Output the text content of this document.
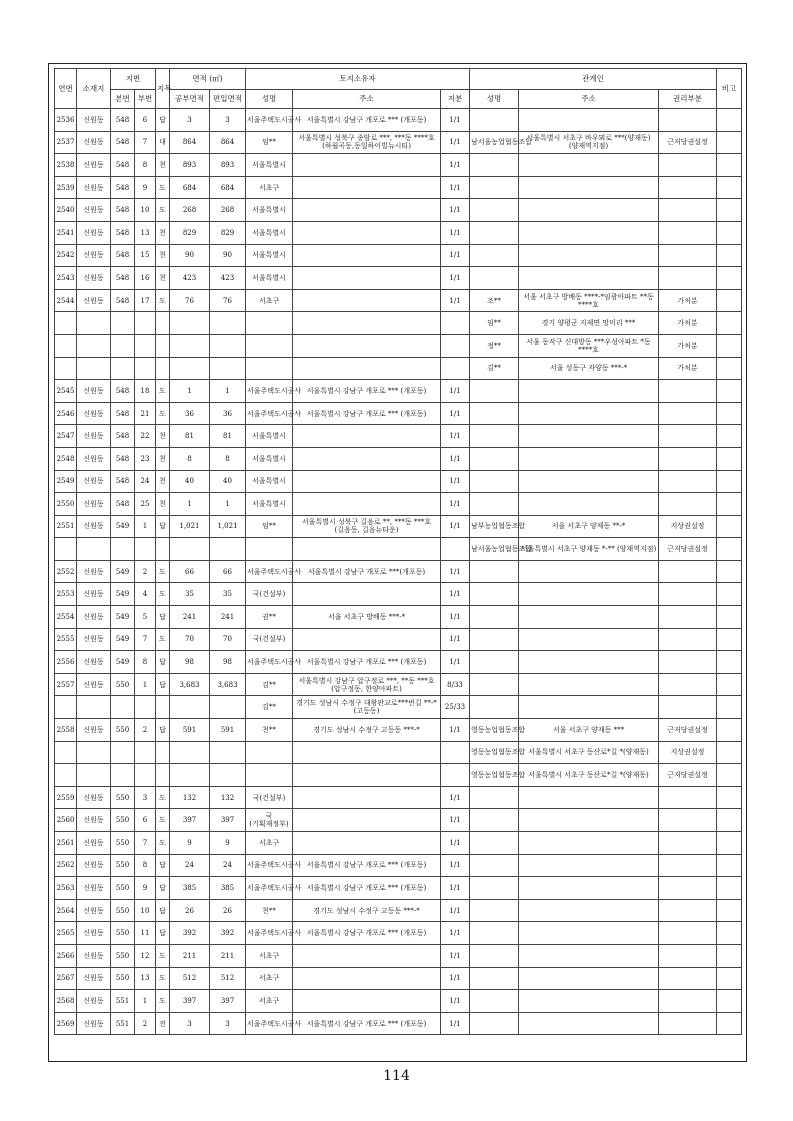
연번	소재지	지번		지목	면적 (㎡)		토지소유자			관계인			비고
		본번	부번		공부면적	편입면적	성명	주소	지분	성명	주소	권리부분	
2536	신원동	548	6	답	3	3	서울주택도시공사	서울특별시 강남구 개포로 *** (개포동)	1/1				
2537	신원동	548	7	대	864	864	임**	서울특별시 성북구 종암로 ***, ***동 ****호(하월곡동,동일하이빌뉴시티)	1/1	남서울농업협동조합	서울특별시 서초구 바우뫼로 ***(양재동)(양재역지점)	근저당권설정	
2538	신원동	548	8	천	893	893	서울특별시		1/1				
2539	신원동	548	9	도	684	684	서초구		1/1				
2540	신원동	548	10	도	268	268	서울특별시		1/1				
2541	신원동	548	13	천	829	829	서울특별시		1/1				
2542	신원동	548	15	천	90	90	서울특별시		1/1				
2543	신원동	548	16	천	423	423	서울특별시		1/1				
2544	신원동	548	17	도	76	76	서초구		1/1	조**	서울 서초구 방배동 ****-*임광아파트 **동 ****호	가처분	
										임**	경기 양평군 지제면 망미리 ***	가처분	
										정**	서울 동작구 신대방동 ***우성아파트 *동 ****호	가처분	
										김**	서울 성동구 자양동 ***-*	가처분	
2545	신원동	548	18	도	1	1	서울주택도시공사	서울특별시 강남구 개포로 *** (개포동)	1/1				
2546	신원동	548	21	도	36	36	서울주택도시공사	서울특별시 강남구 개포로 *** (개포동)	1/1				
2547	신원동	548	22	천	81	81	서울특별시		1/1				
2548	신원동	548	23	천	8	8	서울특별시		1/1				
2549	신원동	548	24	천	40	40	서울특별시		1/1				
2550	신원동	548	25	천	1	1	서울특별시		1/1				
2551	신원동	549	1	답	1,021	1,021	임**	서울특별시 성북구 길음로 **, ***동 ***호(길음동, 길음뉴타운)	1/1	남부농업협동조합	서울 서초구 양재동 **-*	지상권설정	
										남서울농업협동조합	서울특별시 서초구 양재동 *-** (양재역지점)	근저당권설정	
2552	신원동	549	2	도	66	66	서울주택도시공사	서울특별시 강남구 개포로 ***(개포동)	1/1				
2553	신원동	549	4	도	35	35	국(건설부)		1/1				
2554	신원동	549	5	답	241	241	권**	서울 서초구 방배동 ***-*	1/1				
2555	신원동	549	7	도	70	70	국(건설부)		1/1				
2556	신원동	549	8	답	98	98	서울주택도시공사	서울특별시 강남구 개포로 *** (개포동)	1/1				
2557	신원동	550	1	답	3,683	3,683	김**	서울특별시 강남구 압구정로 ***, **동 ***호(압구정동, 한양아파트)	8/33				
							김**	경기도 성남시 수정구 대왕판교로***번길 **-*(고등동)	25/33				
2558	신원동	550	2	답	591	591	천**	경기도 성남시 수정구 고등동 ***-*	1/1	영동농업협동조합	서울 서초구 양재동 ***	근저당권설정	
										영동농업협동조합	서울특별시 서초구 동산로*길 *(양재동)	지상권설정	
										영동농업협동조합	서울특별시 서초구 동산로*길 *(양재동)	근저당권설정	
2559	신원동	550	3	도	132	132	국(건설부)		1/1				
2560	신원동	550	6	도	397	397	국(기획재정부)		1/1				
2561	신원동	550	7	도	9	9	서초구		1/1				
2562	신원동	550	8	답	24	24	서울주택도시공사	서울특별시 강남구 개포로 *** (개포동)	1/1				
2563	신원동	550	9	답	385	385	서울주택도시공사	서울특별시 강남구 개포로 *** (개포동)	1/1				
2564	신원동	550	10	답	26	26	천**	경기도 성남시 수정구 고등동 ***-*	1/1				
2565	신원동	550	11	답	392	392	서울주택도시공사	서울특별시 강남구 개포로 *** (개포동)	1/1				
2566	신원동	550	12	도	211	211	서초구		1/1				
2567	신원동	550	13	도	512	512	서초구		1/1				
2568	신원동	551	1	도	397	397	서초구		1/1				
2569	신원동	551	2	전	3	3	서울주택도시공사	서울특별시 강남구 개포로 *** (개포동)	1/1				
114
